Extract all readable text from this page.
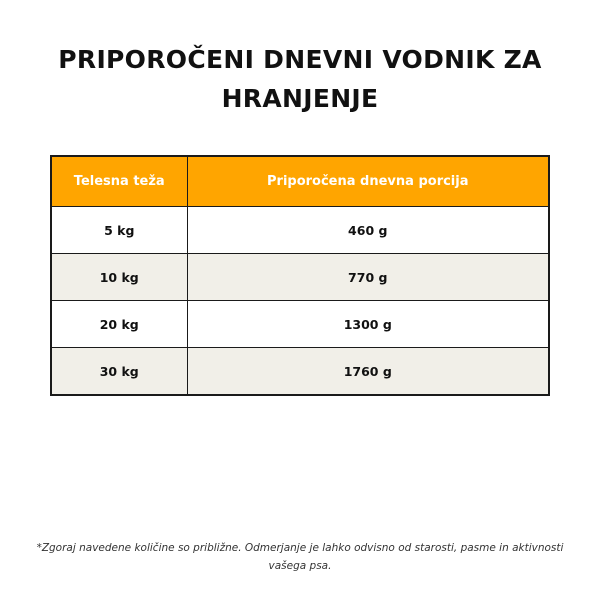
PRIPOROČENI DNEVNI VODNIK ZA HRANJENJE
Telesna teža	Priporočena dnevna porcija
5 kg	460 g
10 kg	770 g
20 kg	1300 g
30 kg	1760 g

*Zgoraj navedene količine so približne. Odmerjanje je lahko odvisno od starosti, pasme in aktivnosti vašega psa.
